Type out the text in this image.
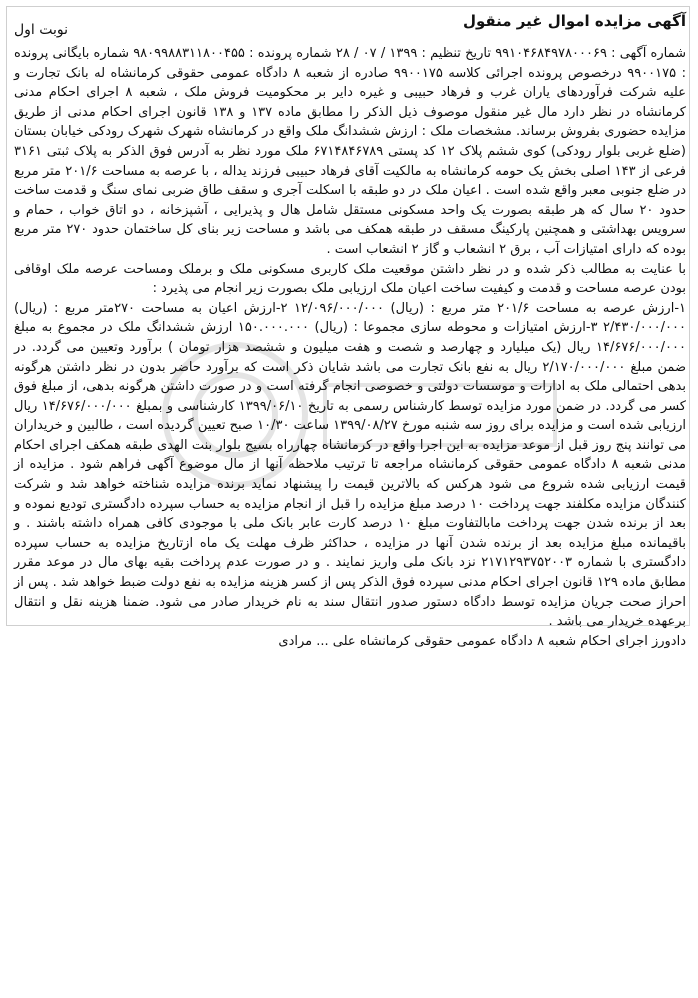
آگهی مزایده اموال غیر منقول
نوبت اول

شماره آگهی : ۹۹۱۰۴۶۸۴۹۷۸۰۰۰۶۹ تاریخ تنظیم : ۱۳۹۹ / ۰۷ / ۲۸ شماره پرونده : ۹۸۰۹۹۸۸۳۱۱۸۰۰۴۵۵ شماره بایگانی پرونده : ۹۹۰۰۱۷۵ درخصوص پرونده اجرائی کلاسه ۹۹۰۰۱۷۵ صادره از شعبه ۸ دادگاه عمومی حقوقی کرمانشاه له بانک تجارت و علیه شرکت فرآوردهای یاران غرب و فرهاد حبیبی و غیره دایر بر محکومیت فروش ملک ، شعبه ۸ اجرای احکام مدنی کرمانشاه در نظر دارد مال غیر منقول موصوف ذیل الذکر را مطابق ماده ۱۳۷ و ۱۳۸ قانون اجرای احکام مدنی از طریق مزایده حضوری بفروش برساند. مشخصات ملک : ارزش ششدانگ ملک واقع در کرمانشاه شهرک شهرک رودکی خیابان بستان (ضلع غربی بلوار رودکی) کوی ششم پلاک ۱۲ کد پستی ۶۷۱۴۸۴۶۷۸۹ ملک مورد نظر به آدرس فوق الذکر به پلاک ثبتی ۳۱۶۱ فرعی از ۱۴۳ اصلی بخش یک حومه کرمانشاه به مالکیت آقای فرهاد حبیبی فرزند یداله ، با عرصه به مساحت ۲۰۱/۶ متر مربع در ضلع جنوبی معبر واقع شده است . اعیان ملک در دو طبقه با اسکلت آجری و سقف طاق ضربی نمای سنگ و قدمت ساخت حدود ۲۰ سال که هر طبقه بصورت یک واحد مسکونی مستقل شامل هال و پذیرایی ، آشپزخانه ، دو اتاق خواب ، حمام و سرویس بهداشتی و همچنین پارکینگ مسقف در طبقه همکف می باشد و مساحت زیر بنای کل ساختمان حدود ۲۷۰ متر مربع بوده که دارای امتیازات آب ، برق ۲ انشعاب و گاز ۲ انشعاب است .

با عنایت به مطالب ذکر شده و در نظر داشتن موقعیت ملک کاربری مسکونی ملک و برملک ومساحت عرصه ملک اوقافی بودن عرصه مساحت و قدمت و کیفیت ساخت اعیان ملک ارزیابی ملک بصورت زیر انجام می پذیرد :

۱-ارزش عرصه به مساحت ۲۰۱/۶ متر مربع : (ریال) ۱۲/۰۹۶/۰۰۰/۰۰۰ ۲-ارزش اعیان به مساحت ۲۷۰متر مربع : (ریال) ۲/۴۳۰/۰۰۰/۰۰۰ ۳-ارزش امتیازات و محوطه سازی مجموعا : (ریال) ۱۵۰.۰۰۰.۰۰۰ ارزش ششدانگ ملک در مجموع به مبلغ ۱۴/۶۷۶/۰۰۰/۰۰۰ ریال (یک میلیارد و چهارصد و شصت و هفت میلیون و ششصد هزار تومان ) برآورد وتعیین می گردد. در ضمن مبلغ ۲/۱۷۰/۰۰۰/۰۰۰ ریال به نفع بانک تجارت می باشد شایان ذکر است که برآورد حاضر بدون در نظر داشتن هرگونه بدهی احتمالی ملک به ادارات و موسسات دولتی و خصوصی انجام گرفته است و در صورت داشتن هرگونه بدهی، از مبلغ فوق کسر می گردد. در ضمن مورد مزایده توسط کارشناس رسمی به تاریخ ۱۳۹۹/۰۶/۱۰ کارشناسی و بمبلغ ۱۴/۶۷۶/۰۰۰/۰۰۰ ریال ارزیابی شده است و مزایده برای روز سه شنبه مورخ ۱۳۹۹/۰۸/۲۷ ساعت ۱۰/۳۰ صبح تعیین گردیده است ، طالبین و خریداران می توانند پنج روز قبل از موعد مزایده به این اجرا واقع در کرمانشاه چهارراه بسیج بلوار بنت الهدی طبقه همکف اجرای احکام مدنی شعبه ۸ دادگاه عمومی حقوقی کرمانشاه مراجعه تا ترتیب ملاحظه آنها از مال موضوع آگهی فراهم شود . مزایده از قیمت ارزیابی شده شروع می شود هرکس که بالاترین قیمت را پیشنهاد نماید برنده مزایده شناخته خواهد شد و شرکت کنندگان مزایده مکلفند جهت پرداخت ۱۰ درصد مبلغ مزایده را قبل از انجام مزایده به حساب سپرده دادگستری تودیع نموده و بعد از برنده شدن جهت پرداخت مابالتفاوت مبلغ ۱۰ درصد کارت عابر بانک ملی با موجودی کافی همراه داشته باشند . و باقیمانده مبلغ مزایده بعد از برنده شدن آنها در مزایده ، حداکثر ظرف مهلت یک ماه ازتاریخ مزایده به حساب سپرده دادگستری با شماره ۲۱۷۱۲۹۳۷۵۲۰۰۳ نزد بانک ملی واریز نمایند . و در صورت عدم پرداخت بقیه بهای مال در موعد مقرر مطابق ماده ۱۲۹ قانون اجرای احکام مدنی سپرده فوق الذکر پس از کسر هزینه مزایده به نفع دولت ضبط خواهد شد . پس از احراز صحت جریان مزایده توسط دادگاه دستور صدور انتقال سند به نام خریدار صادر می شود. ضمنا هزینه نقل و انتقال برعهده خریدار می باشد .

دادورز اجرای احکام شعبه ۸ دادگاه عمومی حقوقی کرمانشاه علی ... مرادی
